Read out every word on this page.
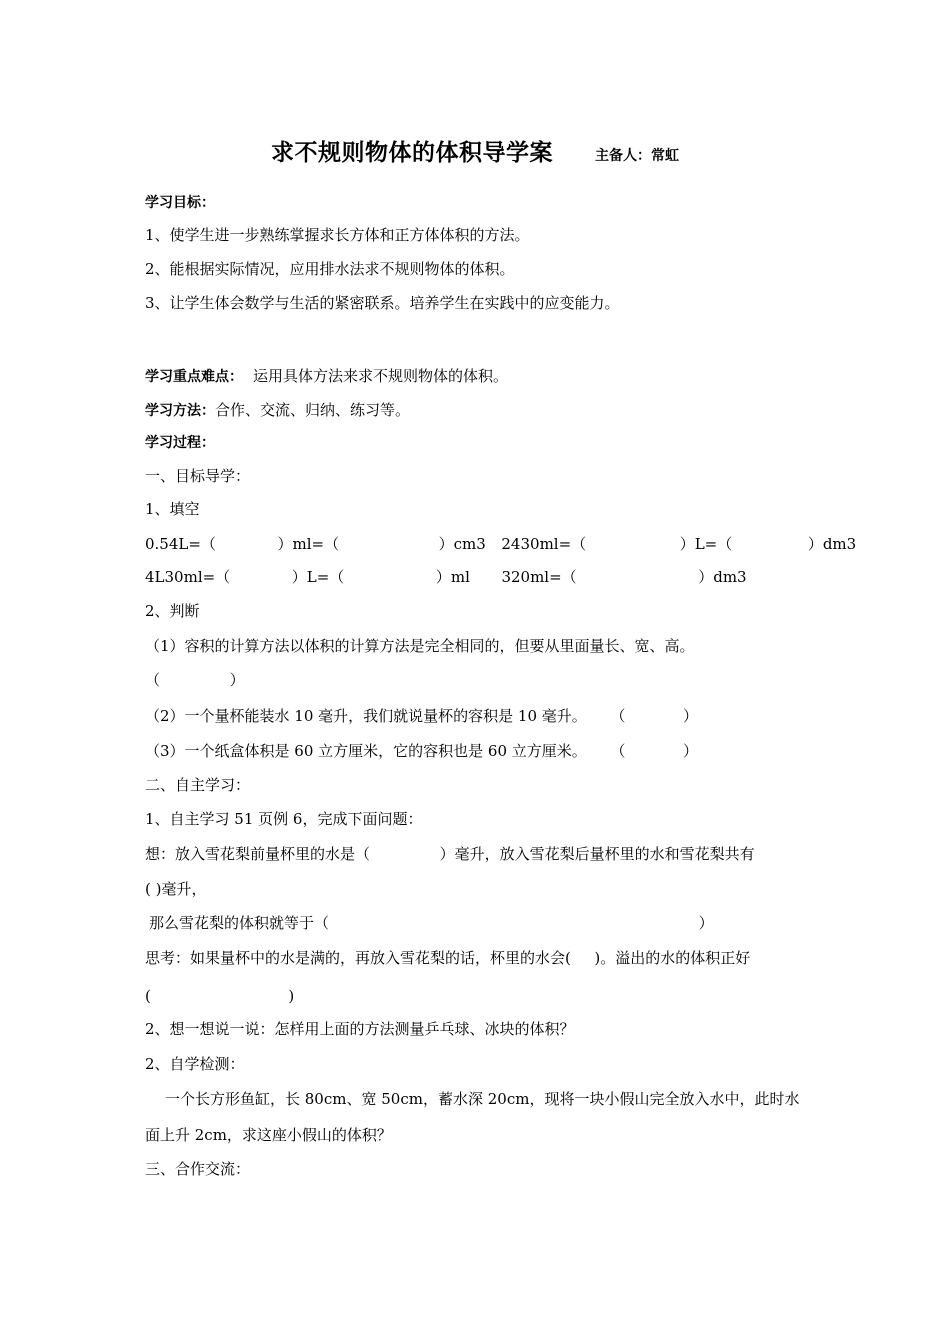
求不规则物体的体积导学案	主备人：常虹
学习目标：
1、使学生进一步熟练掌握求长方体和正方体体积的方法。
2、能根据实际情况，应用排水法求不规则物体的体积。
3、让学生体会数学与生活的紧密联系。培养学生在实践中的应变能力。
学习重点难点： 运用具体方法来求不规则物体的体积。
学习方法：合作、交流、归纳、练习等。
学习过程：
一、目标导学：
1、填空
0.54L=（	）ml=（	）cm3 2430ml=（	）L=（	）dm3
4L30ml=（	）L=（	）ml 320ml=（	）dm3
2、判断
（1）容积的计算方法以体积的计算方法是完全相同的，但要从里面量长、宽、高。
（	）
（2）一个量杯能装水 10 毫升，我们就说量杯的容积是 10 毫升。 （	）
（3）一个纸盒体积是 60 立方厘米，它的容积也是 60 立方厘米。 （	）
二、自主学习：
1、自主学习 51 页例 6，完成下面问题：
想：放入雪花梨前量杯里的水是（	）毫升，放入雪花梨后量杯里的水和雪花梨共有
( )毫升，
那么雪花梨的体积就等于（	）
思考：如果量杯中的水是满的，再放入雪花梨的话，杯里的水会( )。溢出的水的体积正好
(	)
2、想一想说一说：怎样用上面的方法测量乒乓球、冰块的体积？
2、自学检测：
一个长方形鱼缸，长 80cm、宽 50cm，蓄水深 20cm，现将一块小假山完全放入水中，此时水
面上升 2cm，求这座小假山的体积？
三、合作交流：
